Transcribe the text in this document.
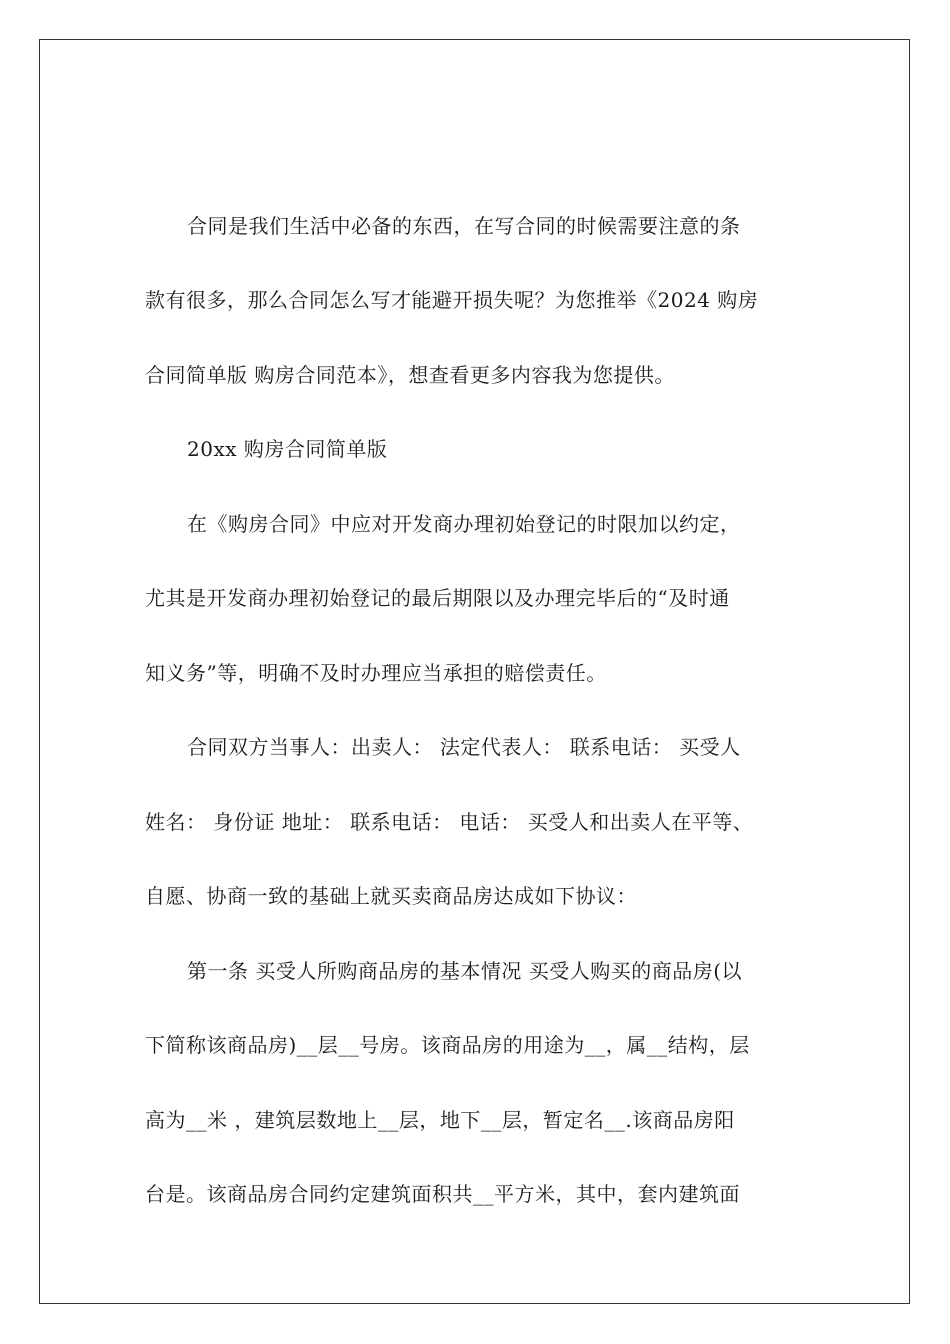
合同是我们生活中必备的东西，在写合同的时候需要注意的条
款有很多，那么合同怎么写才能避开损失呢？为您推举《2024 购房
合同简单版 购房合同范本》，想查看更多内容我为您提供。
20xx 购房合同简单版
在《购房合同》中应对开发商办理初始登记的时限加以约定，
尤其是开发商办理初始登记的最后期限以及办理完毕后的“及时通
知义务”等，明确不及时办理应当承担的赔偿责任。
合同双方当事人：出卖人： 法定代表人： 联系电话： 买受人
姓名： 身份证 地址： 联系电话： 电话： 买受人和出卖人在平等、
自愿、协商一致的基础上就买卖商品房达成如下协议：
第一条 买受人所购商品房的基本情况 买受人购买的商品房(以
下简称该商品房)__层__号房。该商品房的用途为__，属__结构，层
高为__米 ，建筑层数地上__层，地下__层，暂定名__.该商品房阳
台是。该商品房合同约定建筑面积共__平方米，其中，套内建筑面
